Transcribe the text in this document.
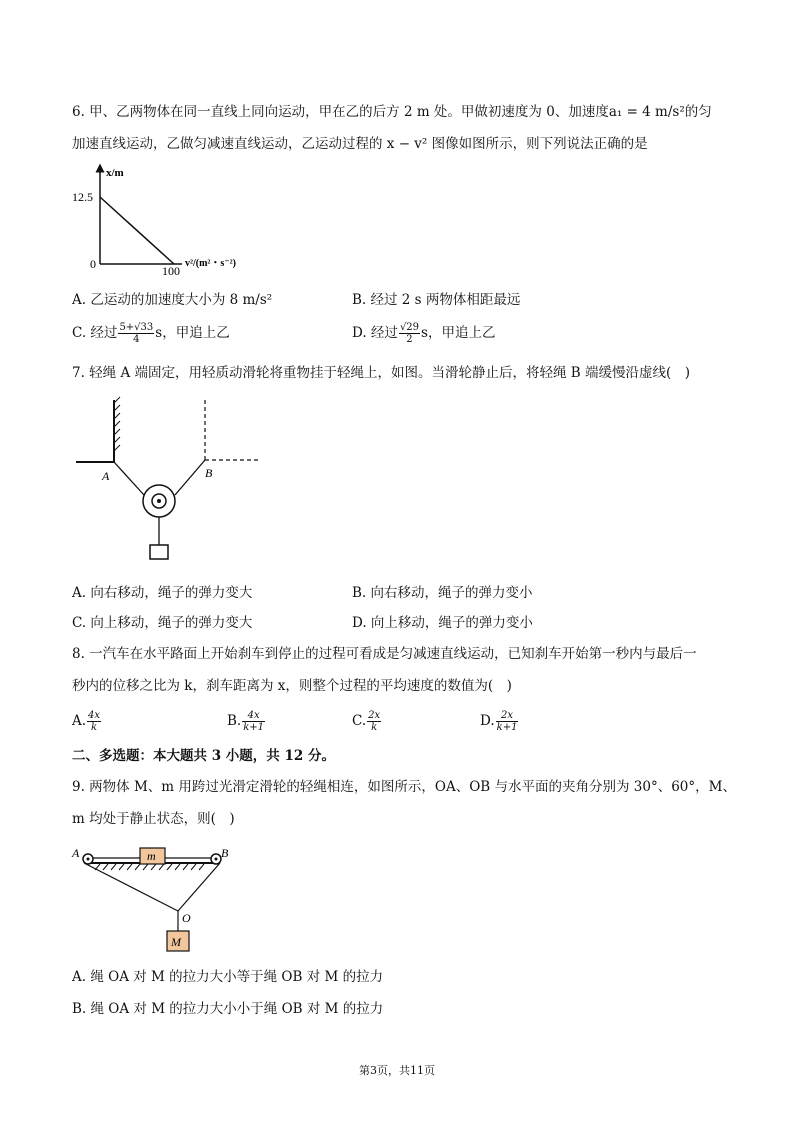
6. 甲、乙两物体在同一直线上同向运动，甲在乙的后方 2 m 处。甲做初速度为 0、加速度a₁ = 4 m/s²的匀
加速直线运动，乙做匀减速直线运动，乙运动过程的 x − v² 图像如图所示，则下列说法正确的是
x/m
12.5
0	100
v²/(m²・s⁻²)
A. 乙运动的加速度大小为 8 m/s²	B. 经过 2 s 两物体相距最远
C. 经过 $\frac{5+√33}{4}$ s，甲追上乙	D. 经过 $\frac{√29}{2}$ s，甲追上乙
7. 轻绳 A 端固定，用轻质动滑轮将重物挂于轻绳上，如图。当滑轮静止后，将轻绳 B 端缓慢沿虚线(　)
A	B
A. 向右移动，绳子的弹力变大	B. 向右移动，绳子的弹力变小
C. 向上移动，绳子的弹力变大	D. 向上移动，绳子的弹力变小
8. 一汽车在水平路面上开始刹车到停止的过程可看成是匀减速直线运动，已知刹车开始第一秒内与最后一
秒内的位移之比为 k，刹车距离为 x，则整个过程的平均速度的数值为(　)
A. $\frac{4x}{k}$	B. $\frac{4x}{k+1}$	C. $\frac{2x}{k}$	D. $\frac{2x}{k+1}$
二、多选题：本大题共 3 小题，共 12 分。
9. 两物体 M、m 用跨过光滑定滑轮的轻绳相连，如图所示，OA、OB 与水平面的夹角分别为 30°、60°，M、
m 均处于静止状态，则(　)
m
M
A	B
O
A. 绳 OA 对 M 的拉力大小等于绳 OB 对 M 的拉力
B. 绳 OA 对 M 的拉力大小小于绳 OB 对 M 的拉力
第3页，共11页
